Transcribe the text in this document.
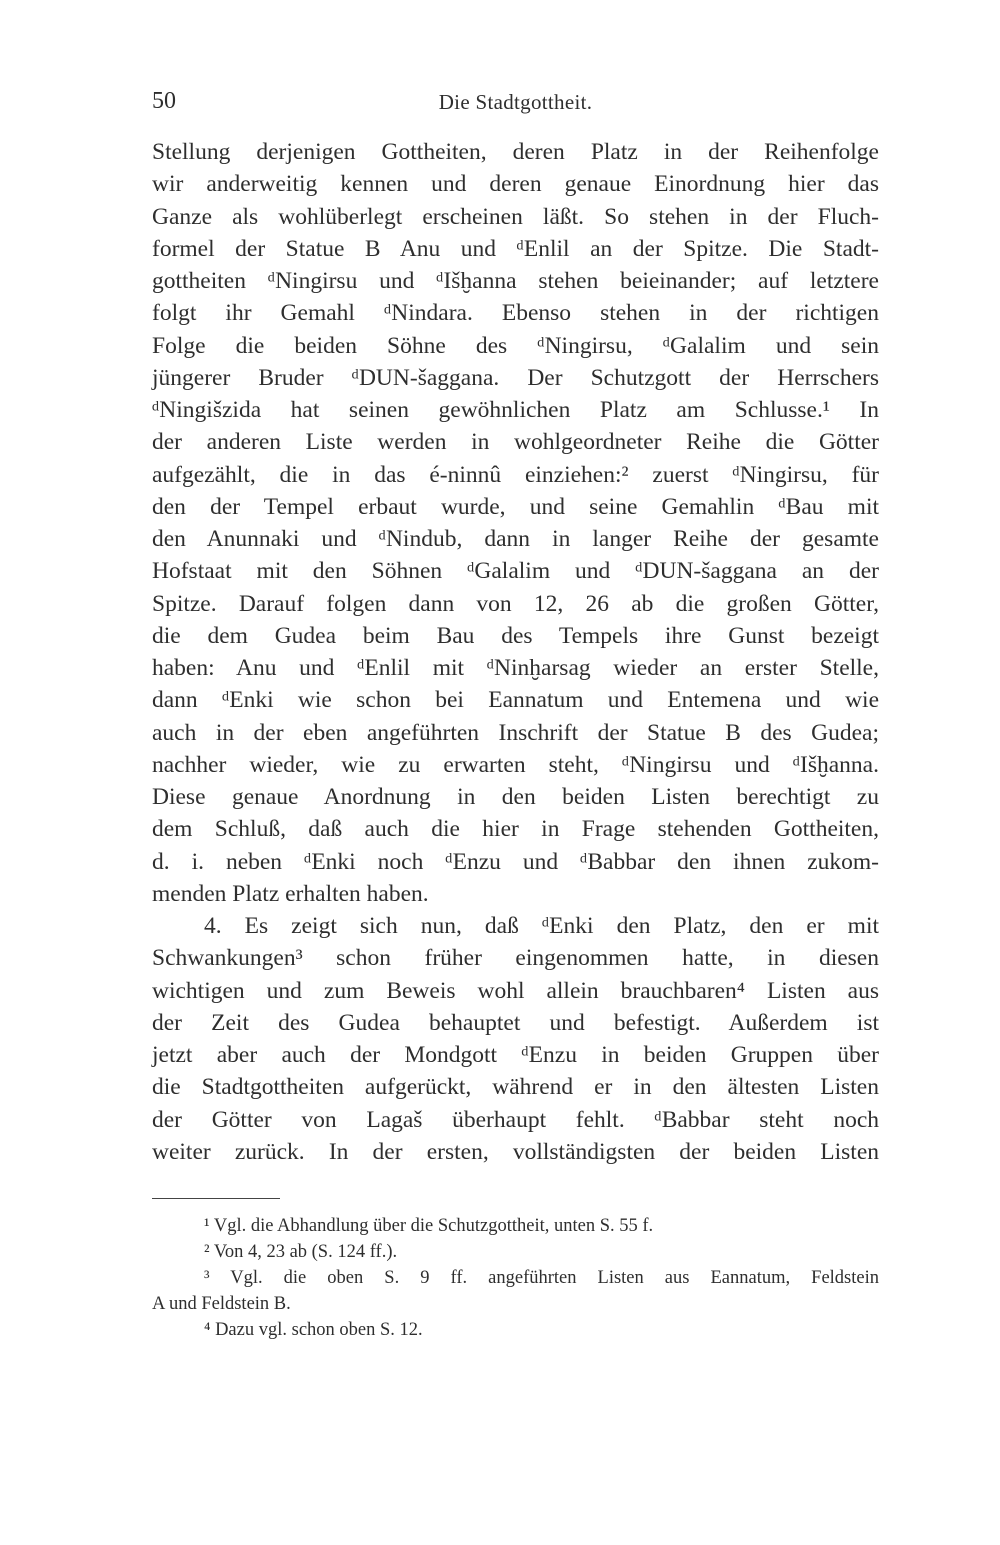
50	Die Stadtgottheit.
Stellung derjenigen Gottheiten, deren Platz in der Reihenfolge
wir anderweitig kennen und deren genaue Einordnung hier das
Ganze als wohlüberlegt erscheinen läßt. So stehen in der Fluch-
formel der Statue B Anu und ᵈEnlil an der Spitze. Die Stadt-
gottheiten ᵈNingirsu und ᵈIšḫanna stehen beieinander; auf letztere
folgt ihr Gemahl ᵈNindara. Ebenso stehen in der richtigen
Folge die beiden Söhne des ᵈNingirsu, ᵈGalalim und sein
jüngerer Bruder ᵈDUN-šaggana. Der Schutzgott der Herrschers
ᵈNingišzida hat seinen gewöhnlichen Platz am Schlusse.¹ In
der anderen Liste werden in wohlgeordneter Reihe die Götter
aufgezählt, die in das é-ninnû einziehen:² zuerst ᵈNingirsu, für
den der Tempel erbaut wurde, und seine Gemahlin ᵈBau mit
den Anunnaki und ᵈNindub, dann in langer Reihe der gesamte
Hofstaat mit den Söhnen ᵈGalalim und ᵈDUN-šaggana an der
Spitze. Darauf folgen dann von 12, 26 ab die großen Götter,
die dem Gudea beim Bau des Tempels ihre Gunst bezeigt
haben: Anu und ᵈEnlil mit ᵈNinḫarsag wieder an erster Stelle,
dann ᵈEnki wie schon bei Eannatum und Entemena und wie
auch in der eben angeführten Inschrift der Statue B des Gudea;
nachher wieder, wie zu erwarten steht, ᵈNingirsu und ᵈIšḫanna.
Diese genaue Anordnung in den beiden Listen berechtigt zu
dem Schluß, daß auch die hier in Frage stehenden Gottheiten,
d. i. neben ᵈEnki noch ᵈEnzu und ᵈBabbar den ihnen zukom-
menden Platz erhalten haben.
4. Es zeigt sich nun, daß ᵈEnki den Platz, den er mit
Schwankungen³ schon früher eingenommen hatte, in diesen
wichtigen und zum Beweis wohl allein brauchbaren⁴ Listen aus
der Zeit des Gudea behauptet und befestigt. Außerdem ist
jetzt aber auch der Mondgott ᵈEnzu in beiden Gruppen über
die Stadtgottheiten aufgerückt, während er in den ältesten Listen
der Götter von Lagaš überhaupt fehlt. ᵈBabbar steht noch
weiter zurück. In der ersten, vollständigsten der beiden Listen
¹ Vgl. die Abhandlung über die Schutzgottheit, unten S. 55 f.
² Von 4, 23 ab (S. 124 ff.).
³ Vgl. die oben S. 9 ff. angeführten Listen aus Eannatum, Feldstein
A und Feldstein B.
⁴ Dazu vgl. schon oben S. 12.
